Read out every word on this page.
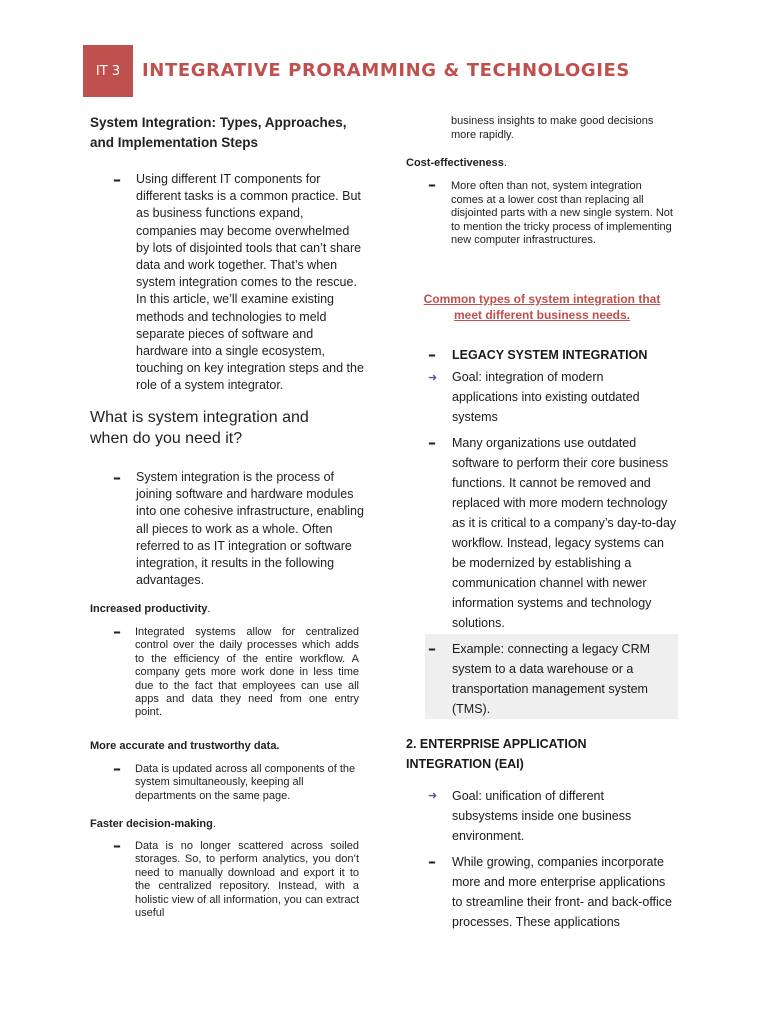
IT 3	INTEGRATIVE PRORAMMING & TECHNOLOGIES
System Integration: Types, Approaches, and Implementation Steps
– Using different IT components for different tasks is a common practice. But as business functions expand, companies may become overwhelmed by lots of disjointed tools that can’t share data and work together. That’s when system integration comes to the rescue. In this article, we’ll examine existing methods and technologies to meld separate pieces of software and hardware into a single ecosystem, touching on key integration steps and the role of a system integrator.
What is system integration and when do you need it?
– System integration is the process of joining software and hardware modules into one cohesive infrastructure, enabling all pieces to work as a whole. Often referred to as IT integration or software integration, it results in the following advantages.
Increased productivity.
– Integrated systems allow for centralized control over the daily processes which adds to the efficiency of the entire workflow. A company gets more work done in less time due to the fact that employees can use all apps and data they need from one entry point.
More accurate and trustworthy data.
– Data is updated across all components of the system simultaneously, keeping all departments on the same page.
Faster decision-making.
– Data is no longer scattered across soiled storages. So, to perform analytics, you don’t need to manually download and export it to the centralized repository. Instead, with a holistic view of all information, you can extract useful
business insights to make good decisions more rapidly.
Cost-effectiveness.
– More often than not, system integration comes at a lower cost than replacing all disjointed parts with a new single system. Not to mention the tricky process of implementing new computer infrastructures.
Common types of system integration that meet different business needs.
– LEGACY SYSTEM INTEGRATION
➜ Goal: integration of modern applications into existing outdated systems
– Many organizations use outdated software to perform their core business functions. It cannot be removed and replaced with more modern technology as it is critical to a company’s day-to-day workflow. Instead, legacy systems can be modernized by establishing a communication channel with newer information systems and technology solutions.
– Example: connecting a legacy CRM system to a data warehouse or a transportation management system (TMS).
2. ENTERPRISE APPLICATION INTEGRATION (EAI)
➜ Goal: unification of different subsystems inside one business environment.
– While growing, companies incorporate more and more enterprise applications to streamline their front- and back-office processes. These applications
